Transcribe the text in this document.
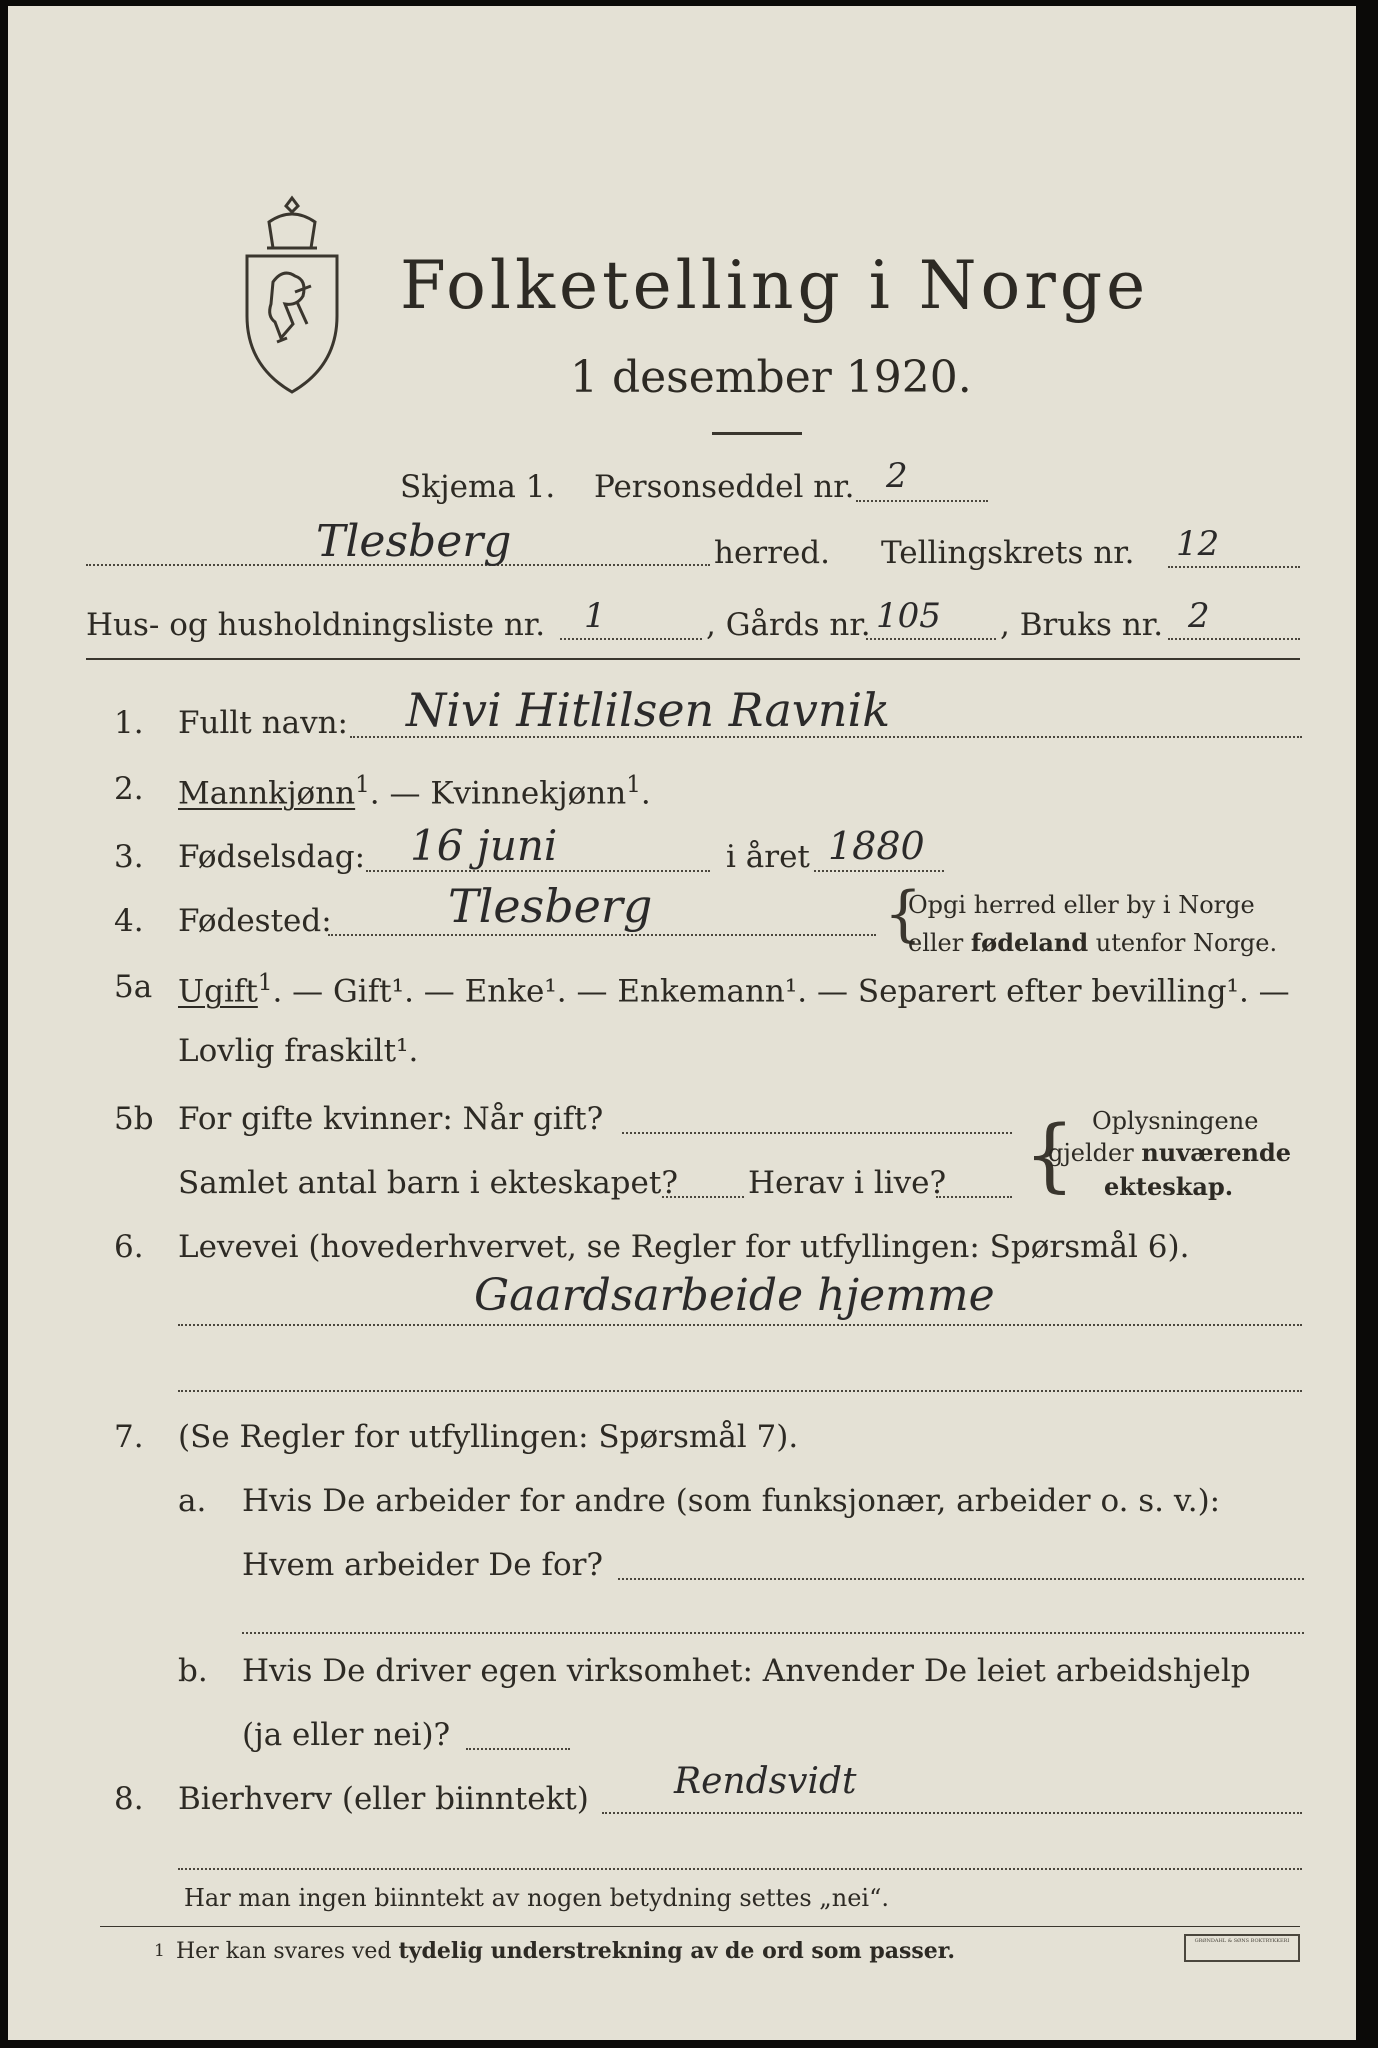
Folketelling i Norge
1 desember 1920.
Skjema 1. Personseddel nr. 2
Tlesberg	herred. Tellingskrets nr. 12
Hus- og husholdningsliste nr. 1	, Gårds nr. 105 , Bruks nr. 2
1. Fullt navn: Nivi Hitlilsen Ravnik
2. Mannkjønn$^1$. — Kvinnekjønn$^1$.
3. Fødselsdag: 16 juni	i året 1880
4. Fødested:	Tlesberg	{
Opgi herred eller by i Norge
eller fødeland utenfor Norge.
5a Ugift$^1$. — Gift¹. — Enke¹. — Enkemann¹. — Separert efter bevilling¹. —
Lovlig fraskilt¹.
5b For gifte kvinner: Når gift?
Samlet antal barn i ekteskapet? Herav i live? { Oplysningene
gjelder nuværende
ekteskap.
6. Levevei (hovederhvervet, se Regler for utfyllingen: Spørsmål 6).
Gaardsarbeide hjemme
7. (Se Regler for utfyllingen: Spørsmål 7).
a. Hvis De arbeider for andre (som funksjonær, arbeider o. s. v.):
Hvem arbeider De for?
b. Hvis De driver egen virksomhet: Anvender De leiet arbeidshjelp
(ja eller nei)?
8. Bierhverv (eller biinntekt) Rendsvidt
Har man ingen biinntekt av nogen betydning settes „nei“.
1 Her kan svares ved tydelig understrekning av de ord som passer.	GRØNDAHL & SØNS BOKTRYKKERI
